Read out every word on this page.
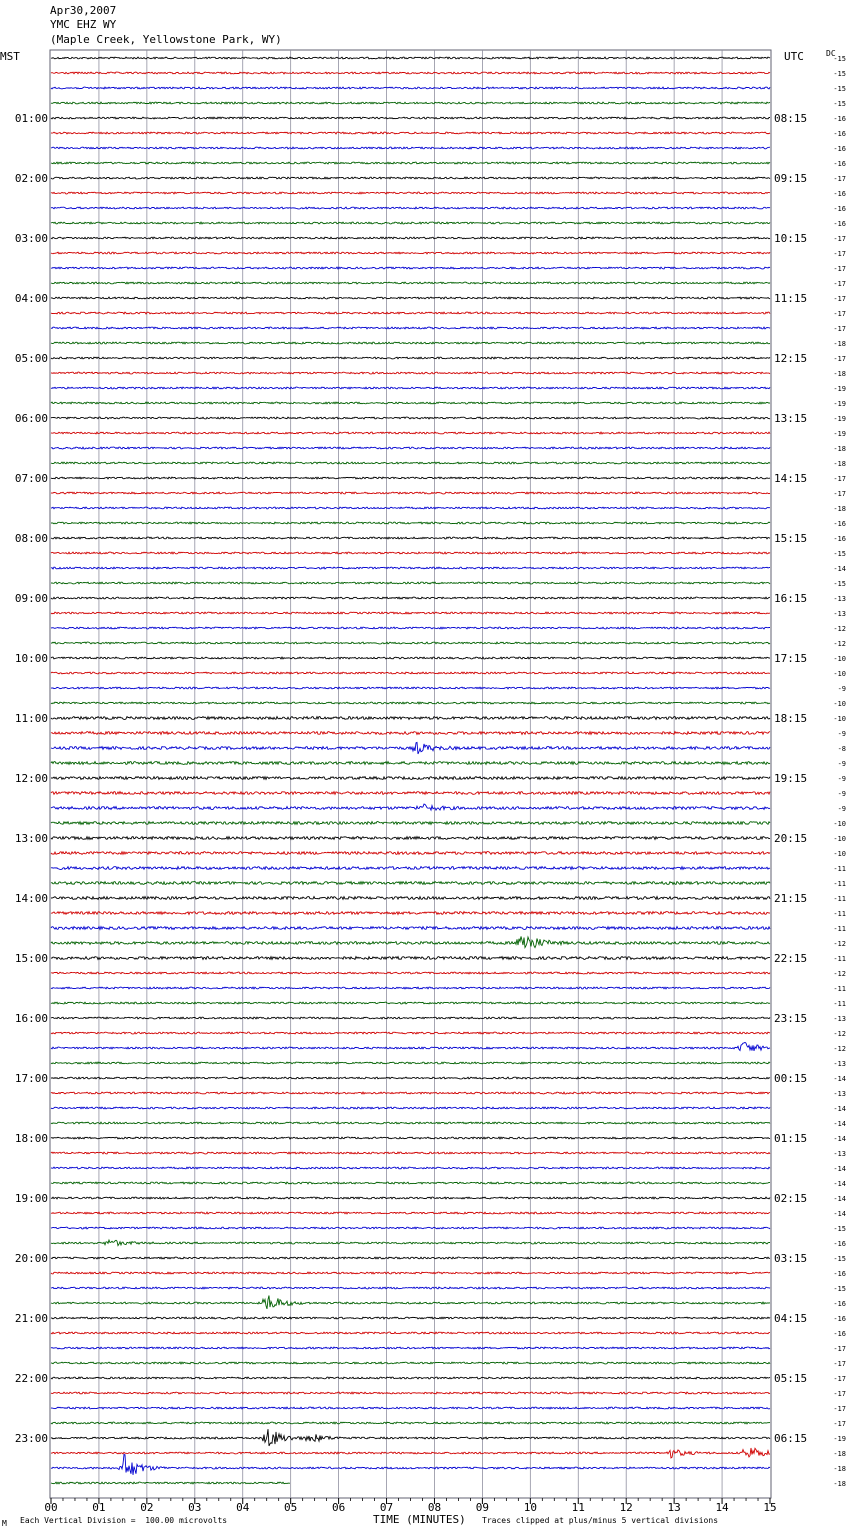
Apr30,2007
YMC EHZ WY
(Maple Creek, Yellowstone Park, WY)
MST	UTC	DC
-15
-15
-15
-15
-16
01:00	08:15
-16
-16
-16
-17
02:00	09:15
-16
-16
-16
-17
03:00	10:15
-17
-17
-17
-17
04:00	11:15
-17
-17
-18
-17
05:00	12:15
-18
-19
-19
-19
06:00	13:15
-19
-18
-18
-17
07:00	14:15
-17
-18
-16
-16
08:00	15:15
-15
-14
-15
-13
09:00	16:15
-13
-12
-12
-10
10:00	17:15
-10
-9
-10
-10
11:00	18:15
-9
-8
-9
-9
12:00	19:15
-9
-9
-10
-10
13:00	20:15
-10
-11
-11
-11
14:00	21:15
-11
-11
-12
-11
15:00	22:15
-12
-11
-11
-13
16:00	23:15
-12
-12
-13
-14
17:00	00:15
-13
-14
-14
-14
18:00	01:15
-13
-14
-14
-14
19:00	02:15
-14
-15
-16
-15
20:00	03:15
-16
-15
-16
-16
21:00	04:15
-16
-17
-17
-17
22:00	05:15
-17
-17
-17
-19
23:00	06:15
-18
-18
-18
00	01	02	03	04	05	06	07	08	09	10	11	12	13	14	15
M Each Vertical Division =  100.00 microvolts	TIME (MINUTES) Traces clipped at plus/minus 5 vertical divisions
